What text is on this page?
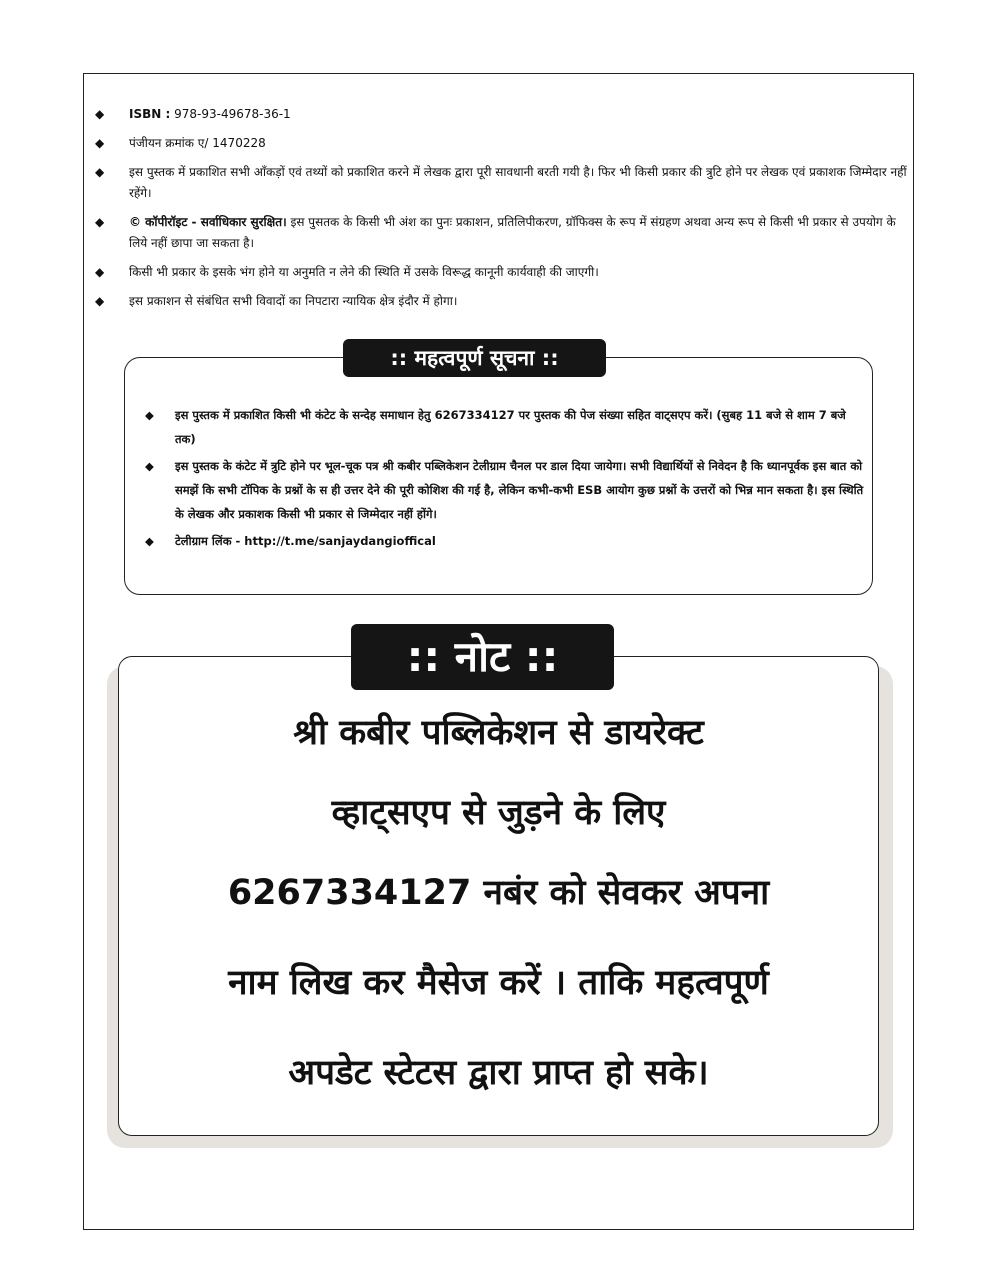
◆ ISBN : 978-93-49678-36-1
◆ पंजीयन क्रमांक ए/ 1470228
◆ इस पुस्तक में प्रकाशित सभी आँकड़ों एवं तथ्यों को प्रकाशित करने में लेखक द्वारा पूरी सावधानी बरती गयी है। फिर भी किसी प्रकार की त्रुटि होने पर लेखक एवं प्रकाशक जिम्मेदार नहीं रहेंगे।
◆ © कॉपीरॉइट - सर्वाधिकार सुरक्षित। इस पुसतक के किसी भी अंश का पुनः प्रकाशन, प्रतिलिपीकरण, ग्रॉफिक्स के रूप में संग्रहण अथवा अन्य रूप से किसी भी प्रकार से उपयोग के लिये नहीं छापा जा सकता है।
◆ किसी भी प्रकार के इसके भंग होने या अनुमति न लेने की स्थिति में उसके विरूद्ध कानूनी कार्यवाही की जाएगी।
◆ इस प्रकाशन से संबंधित सभी विवादों का निपटारा न्यायिक क्षेत्र इंदौर में होगा।
:: महत्वपूर्ण सूचना ::
◆ इस पुस्तक में प्रकाशित किसी भी कंटेट के सन्देह समाधान हेतु 6267334127 पर पुस्तक की पेज संख्या सहित वाट्सएप करें। (सुबह 11 बजे से शाम 7 बजे तक)
◆ इस पुस्तक के कंटेट में त्रुटि होने पर भूल-चूक पत्र श्री कबीर पब्लिकेशन टेलीग्राम चैनल पर डाल दिया जायेगा। सभी विद्यार्थियों से निवेदन है कि ध्यानपूर्वक इस बात को समझें कि सभी टॉपिक के प्रश्नों के स ही उत्तर देने की पूरी कोशिश की गई है, लेकिन कभी-कभी ESB आयोग कुछ प्रश्नों के उत्तरों को भिन्न मान सकता है। इस स्थिति के लेखक और प्रकाशक किसी भी प्रकार से जिम्मेदार नहीं होंगे।
◆ टेलीग्राम लिंक - http://t.me/sanjaydangioffical
:: नोट ::
श्री कबीर पब्लिकेशन से डायरेक्ट
व्हाट्सएप से जुड़ने के लिए
6267334127 नबंर को सेवकर अपना
नाम लिख कर मैसेज करें । ताकि महत्वपूर्ण
अपडेट स्टेटस द्वारा प्राप्त हो सके।
